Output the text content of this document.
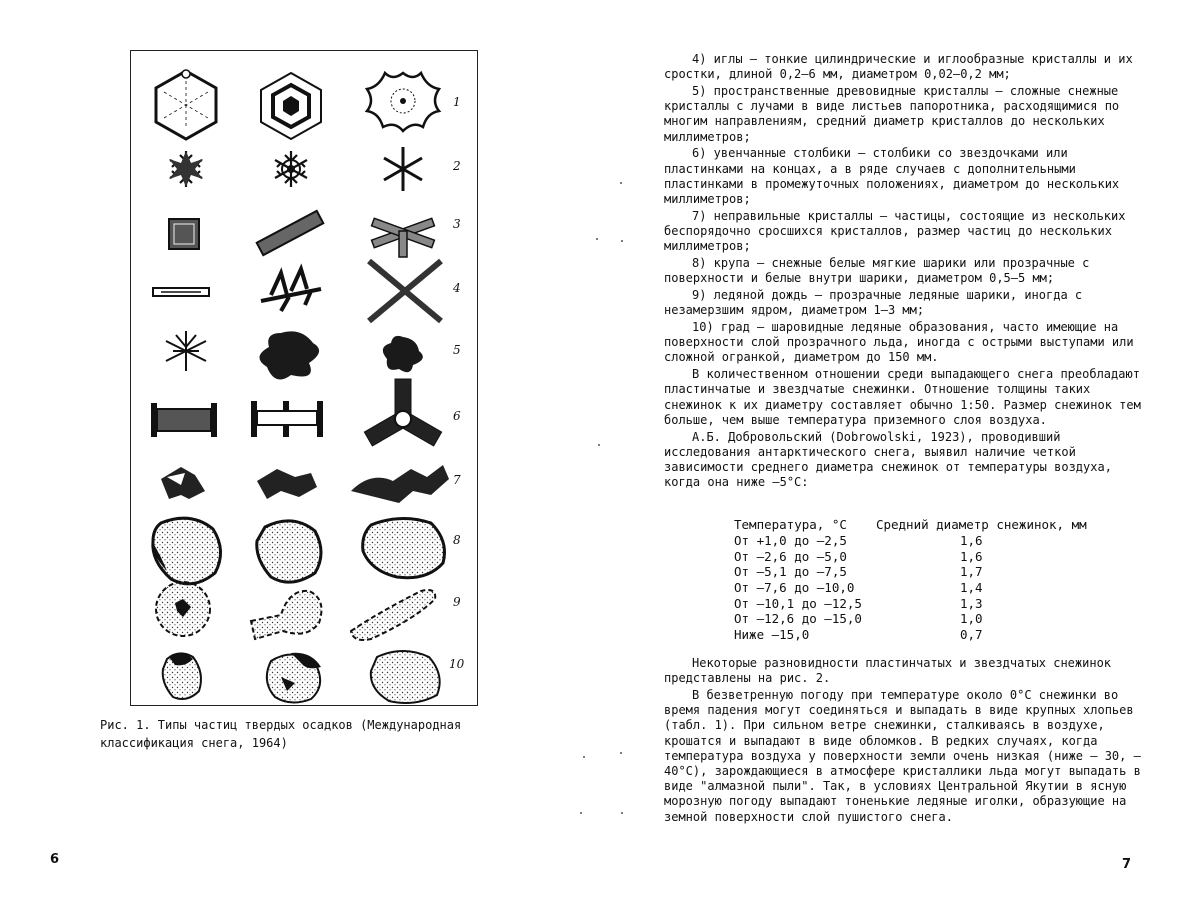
1
2
3
4
5
6
7
8
9
10
Рис. 1. Типы частиц твердых осадков (Международная
классификация снега, 1964)
6

4) иглы – тонкие цилиндрические и иглообразные кристаллы и их сростки, длиной 0,2–6 мм, диаметром 0,02–0,2 мм;

5) пространственные древовидные кристаллы – сложные снежные кристаллы с лучами в виде листьев папоротника, расходящимися по многим направлениям, средний диаметр кристаллов до нескольких миллиметров;

6) увенчанные столбики – столбики со звездочками или пластинками на концах, а в ряде случаев с дополнительными пластинками в промежуточных положениях, диаметром до нескольких миллиметров;

7) неправильные кристаллы – частицы, состоящие из нескольких беспорядочно сросшихся кристаллов, размер частиц до нескольких миллиметров;

8) крупа – снежные белые мягкие шарики или прозрачные с поверхности и белые внутри шарики, диаметром 0,5–5 мм;

9) ледяной дождь – прозрачные ледяные шарики, иногда с незамерзшим ядром, диаметром 1–3 мм;

10) град – шаровидные ледяные образования, часто имеющие на поверхности слой прозрачного льда, иногда с острыми выступами или сложной огранкой, диаметром до 150 мм.

В количественном отношении среди выпадающего снега преобладают пластинчатые и звездчатые снежинки. Отношение толщины таких снежинок к их диаметру составляет обычно 1:50. Размер снежинок тем больше, чем выше температура приземного слоя воздуха.

А.Б. Добровольский (Dobrowolski, 1923), проводивший исследования антарктического снега, выявил наличие четкой зависимости среднего диаметра снежинок от температуры воздуха, когда она ниже –5°C:

Температура, °С	Средний диаметр снежинок, мм
От +1,0 до –2,5	1,6
От –2,6 до –5,0	1,6
От –5,1 до –7,5	1,7
От –7,6 до –10,0	1,4
От –10,1 до –12,5	1,3
От –12,6 до –15,0	1,0
Ниже –15,0	0,7

Некоторые разновидности пластинчатых и звездчатых снежинок представлены на рис. 2.

В безветренную погоду при температуре около 0°С снежинки во время падения могут соединяться и выпадать в виде крупных хлопьев (табл. 1). При сильном ветре снежинки, сталкиваясь в воздухе, крошатся и выпадают в виде обломков. В редких случаях, когда температура воздуха у поверхности земли очень низкая (ниже – 30, – 40°С), зарождающиеся в атмосфере кристаллики льда могут выпадать в виде "алмазной пыли". Так, в условиях Центральной Якутии в ясную морозную погоду выпадают тоненькие ледяные иголки, образующие на земной поверхности слой пушистого снега.

7
